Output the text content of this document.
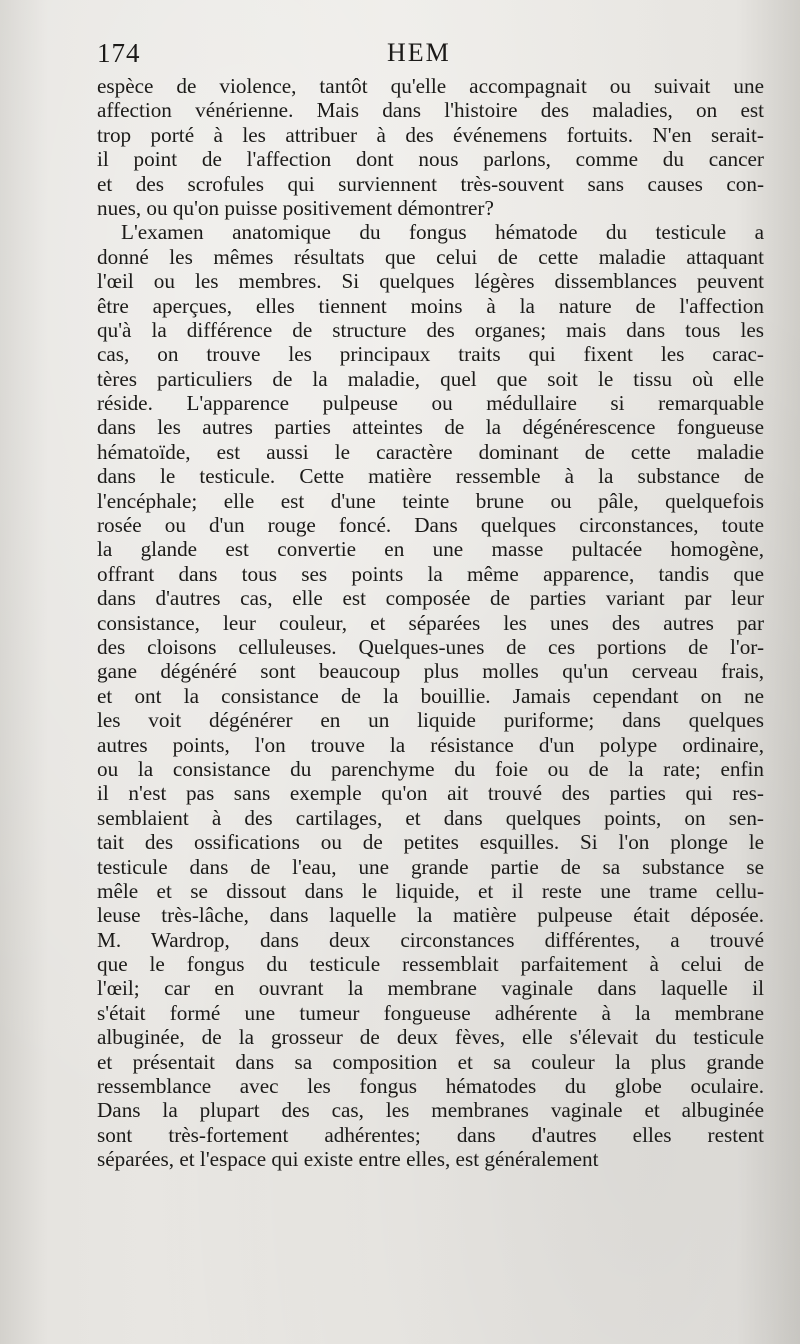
174	HEM
espèce de violence, tantôt qu'elle accompagnait ou suivait une
affection vénérienne. Mais dans l'histoire des maladies, on est
trop porté à les attribuer à des événemens fortuits. N'en serait-
il point de l'affection dont nous parlons, comme du cancer
et des scrofules qui surviennent très-souvent sans causes con-
nues, ou qu'on puisse positivement démontrer?
L'examen anatomique du fongus hématode du testicule a
donné les mêmes résultats que celui de cette maladie attaquant
l'œil ou les membres. Si quelques légères dissemblances peuvent
être aperçues, elles tiennent moins à la nature de l'affection
qu'à la différence de structure des organes; mais dans tous les
cas, on trouve les principaux traits qui fixent les carac-
tères particuliers de la maladie, quel que soit le tissu où elle
réside. L'apparence pulpeuse ou médullaire si remarquable
dans les autres parties atteintes de la dégénérescence fongueuse
hématoïde, est aussi le caractère dominant de cette maladie
dans le testicule. Cette matière ressemble à la substance de
l'encéphale; elle est d'une teinte brune ou pâle, quelquefois
rosée ou d'un rouge foncé. Dans quelques circonstances, toute
la glande est convertie en une masse pultacée homogène,
offrant dans tous ses points la même apparence, tandis que
dans d'autres cas, elle est composée de parties variant par leur
consistance, leur couleur, et séparées les unes des autres par
des cloisons celluleuses. Quelques-unes de ces portions de l'or-
gane dégénéré sont beaucoup plus molles qu'un cerveau frais,
et ont la consistance de la bouillie. Jamais cependant on ne
les voit dégénérer en un liquide puriforme; dans quelques
autres points, l'on trouve la résistance d'un polype ordinaire,
ou la consistance du parenchyme du foie ou de la rate; enfin
il n'est pas sans exemple qu'on ait trouvé des parties qui res-
semblaient à des cartilages, et dans quelques points, on sen-
tait des ossifications ou de petites esquilles. Si l'on plonge le
testicule dans de l'eau, une grande partie de sa substance se
mêle et se dissout dans le liquide, et il reste une trame cellu-
leuse très-lâche, dans laquelle la matière pulpeuse était déposée.
M. Wardrop, dans deux circonstances différentes, a trouvé
que le fongus du testicule ressemblait parfaitement à celui de
l'œil; car en ouvrant la membrane vaginale dans laquelle il
s'était formé une tumeur fongueuse adhérente à la membrane
albuginée, de la grosseur de deux fèves, elle s'élevait du testicule
et présentait dans sa composition et sa couleur la plus grande
ressemblance avec les fongus hématodes du globe oculaire.
Dans la plupart des cas, les membranes vaginale et albuginée
sont très-fortement adhérentes; dans d'autres elles restent
séparées, et l'espace qui existe entre elles, est généralement
